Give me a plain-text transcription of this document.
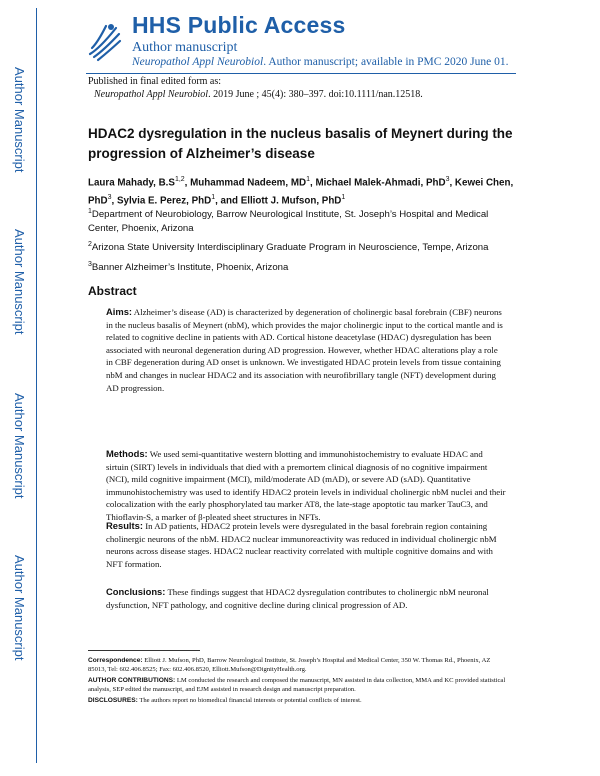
Author Manuscript
Author Manuscript
Author Manuscript
Author Manuscript
HHS Public Access
Author manuscript
Neuropathol Appl Neurobiol. Author manuscript; available in PMC 2020 June 01.
Published in final edited form as:
Neuropathol Appl Neurobiol. 2019 June ; 45(4): 380–397. doi:10.1111/nan.12518.
HDAC2 dysregulation in the nucleus basalis of Meynert during the progression of Alzheimer’s disease
Laura Mahady, $B.S^{1,2}$, Muhammad Nadeem, $MD^1$, Michael Malek-Ahmadi, PhD$^3$, Kewei Chen, PhD$^3$, Sylvia E. Perez, PhD$^1$, and Elliott J. Mufson, PhD$^1$
$^1$Department of Neurobiology, Barrow Neurological Institute, St. Joseph’s Hospital and Medical Center, Phoenix, Arizona
$^2$Arizona State University Interdisciplinary Graduate Program in Neuroscience, Tempe, Arizona
$^3$Banner Alzheimer’s Institute, Phoenix, Arizona
Abstract
Aims: Alzheimer’s disease (AD) is characterized by degeneration of cholinergic basal forebrain (CBF) neurons in the nucleus basalis of Meynert (nbM), which provides the major cholinergic input to the cortical mantle and is related to cognitive decline in patients with AD. Cortical histone deacetylase (HDAC) dysregulation has been associated with neuronal degeneration during AD progression. However, whether HDAC alterations play a role in CBF degeneration during AD onset is unknown. We investigated HDAC protein levels from tissue containing nbM and changes in nuclear HDAC2 and its association with neurofibrillary tangle (NFT) development during AD progression.
Methods: We used semi-quantitative western blotting and immunohistochemistry to evaluate HDAC and sirtuin (SIRT) levels in individuals that died with a premortem clinical diagnosis of no cognitive impairment (NCI), mild cognitive impairment (MCI), mild/moderate AD (mAD), or severe AD (sAD). Quantitative immunohistochemistry was used to identify HDAC2 protein levels in individual cholinergic nbM nuclei and their colocalization with the early phosphorylated tau marker AT8, the late-stage apoptotic tau marker TauC3, and Thioflavin-S, a marker of β-pleated sheet structures in NFTs.
Results: In AD patients, HDAC2 protein levels were dysregulated in the basal forebrain region containing cholinergic neurons of the nbM. HDAC2 nuclear immunoreactivity was reduced in individual cholinergic nbM neurons across disease stages. HDAC2 nuclear reactivity correlated with multiple cognitive domains and with NFT formation.
Conclusions: These findings suggest that HDAC2 dysregulation contributes to cholinergic nbM neuronal dysfunction, NFT pathology, and cognitive decline during clinical progression of AD.
Correspondence: Elliott J. Mufson, PhD, Barrow Neurological Institute, St. Joseph’s Hospital and Medical Center, 350 W. Thomas Rd., Phoenix, AZ 85013, Tel: 602.406.8525; Fax: 602.406.8520, Elliott.Mufson@DignityHealth.org.
AUTHOR CONTRIBUTIONS: LM conducted the research and composed the manuscript, MN assisted in data collection, MMA and KC provided statistical analysis, SEP edited the manuscript, and EJM assisted in research design and manuscript preparation.
DISCLOSURES: The authors report no biomedical financial interests or potential conflicts of interest.
